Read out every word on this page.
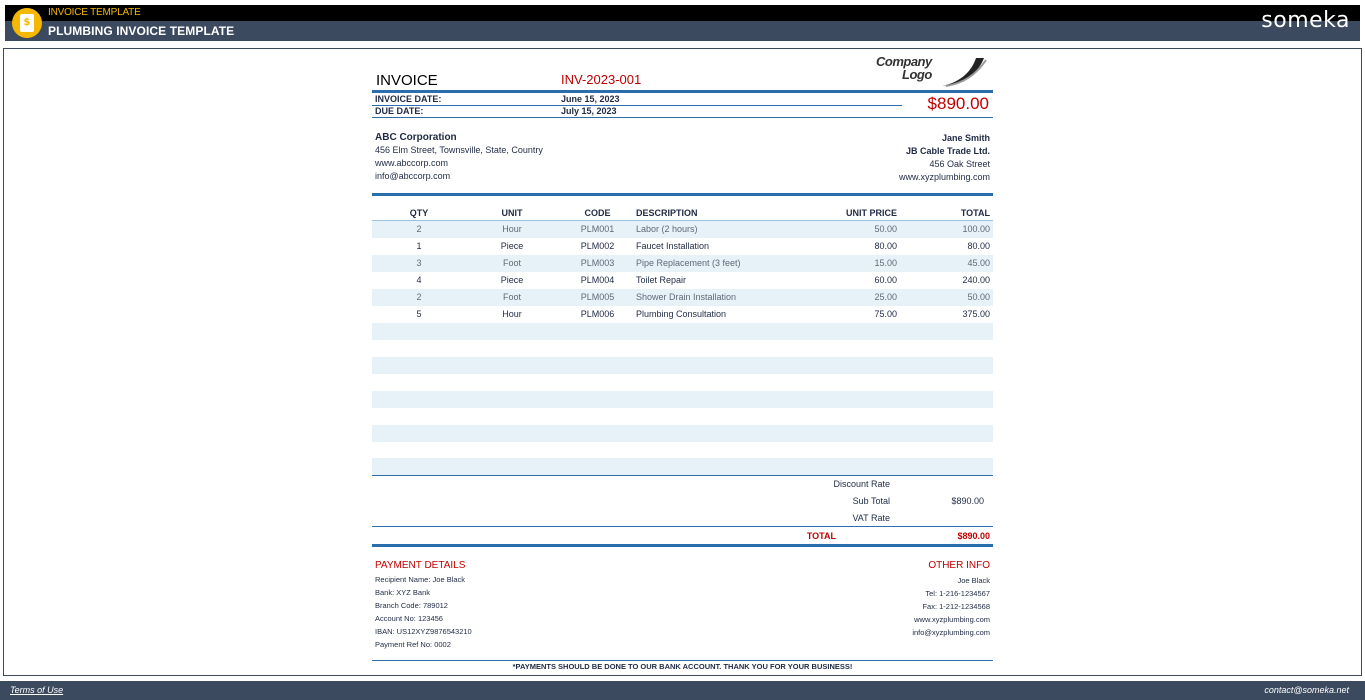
$
INVOICE TEMPLATE
PLUMBING INVOICE TEMPLATE	someka
INVOICE	INV-2023-001
Company
Logo
INVOICE DATE:	June 15, 2023
DUE DATE:	July 15, 2023	$890.00
ABC Corporation
456 Elm Street, Townsville, State, Country
www.abccorp.com
info@abccorp.com
Jane Smith
JB Cable Trade Ltd.
456 Oak Street
www.xyzplumbing.com
QTY	UNIT	CODE	DESCRIPTION	UNIT PRICE	TOTAL
2	Hour	PLM001	Labor (2 hours)	50.00	100.00
1	Piece	PLM002	Faucet Installation	80.00	80.00
3	Foot	PLM003	Pipe Replacement (3 feet)	15.00	45.00
4	Piece	PLM004	Toilet Repair	60.00	240.00
2	Foot	PLM005	Shower Drain Installation	25.00	50.00
5	Hour	PLM006	Plumbing Consultation	75.00	375.00
Discount Rate
Sub Total	$890.00
VAT Rate
TOTAL	$890.00
PAYMENT DETAILS
Recipient Name: Joe Black
Bank: XYZ Bank
Branch Code: 789012
Account No: 123456
IBAN: US12XYZ9876543210
Payment Ref No: 0002
OTHER INFO
Joe Black
Tel: 1-216-1234567
Fax: 1-212-1234568
www.xyzplumbing.com
info@xyzplumbing.com
*PAYMENTS SHOULD BE DONE TO OUR BANK ACCOUNT. THANK YOU FOR YOUR BUSINESS!
Terms of Use	contact@someka.net
